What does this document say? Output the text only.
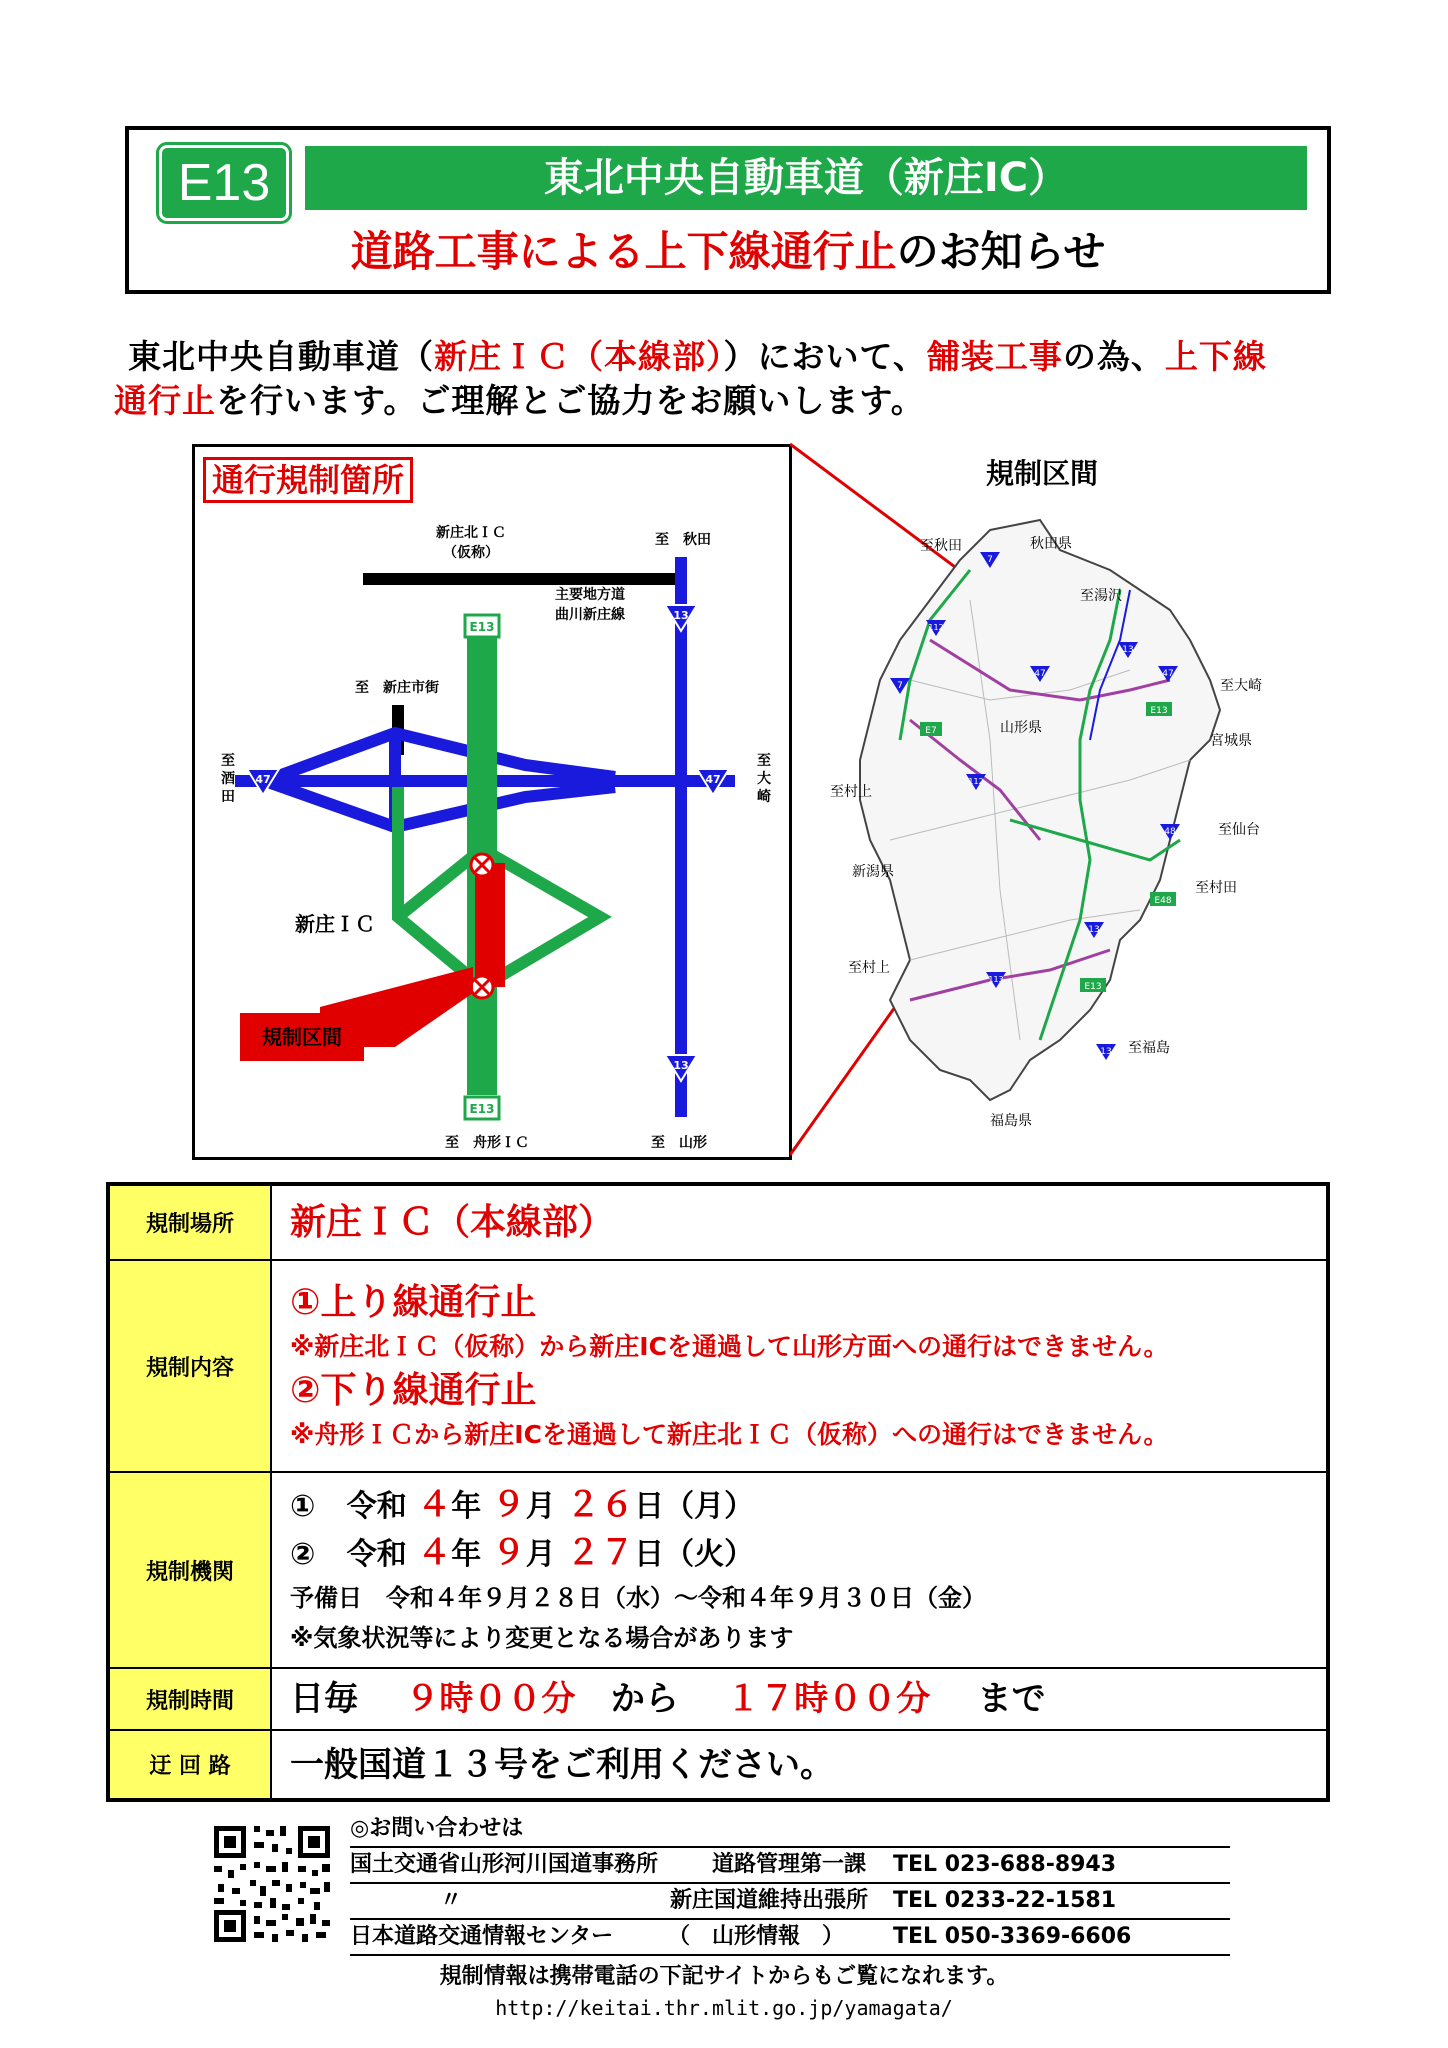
E13	東北中央自動車道（新庄IC）
道路工事による上下線通行止のお知らせ
東北中央自動車道（新庄ＩＣ（本線部））において、舗装工事の為、上下線
通行止を行います。ご理解とご協力をお願いします。
規制区間
E13
E13
13
13
47	47
新庄北ＩＣ
（仮称）
至　秋田
主要地方道
曲川新庄線
至　新庄市街
至
酒
田
至
大
崎
新庄ＩＣ
至　舟形ＩＣ	至　山形
通行規制箇所	規制区間
至秋田	秋田県
至湯沢
至大崎
宮城県
山形県
至村上
新潟県
至仙台
至村田
至村上
至福島
福島県
7
7
112
112
13
47	47
48
13
113
13
E7
E13
E13
E48
規制場所	新庄ＩＣ（本線部）
規制内容	①上り線通行止
※新庄北ＩＣ（仮称）から新庄ICを通過して山形方面への通行はできません。
②下り線通行止
※舟形ＩＣから新庄ICを通過して新庄北ＩＣ（仮称）への通行はできません。

規制機関	① 令和 ４年 ９月 ２６日（月）
② 令和 ４年 ９月 ２７日（火）
予備日　令和４年９月２８日（水）～令和４年９月３０日（金）
※気象状況等により変更となる場合があります

規制時間	日毎 ９時００分 から １７時００分 まで
迂 回 路	一般国道１３号をご利用ください。
◎お問い合わせは
国土交通省山形河川国道事務所 道路管理第一課 TEL 023-688-8943
〃	新庄国道維持出張所 TEL 0233-22-1581
日本道路交通情報センター （　山形情報　） TEL 050-3369-6606
規制情報は携帯電話の下記サイトからもご覧になれます。
http://keitai.thr.mlit.go.jp/yamagata/
